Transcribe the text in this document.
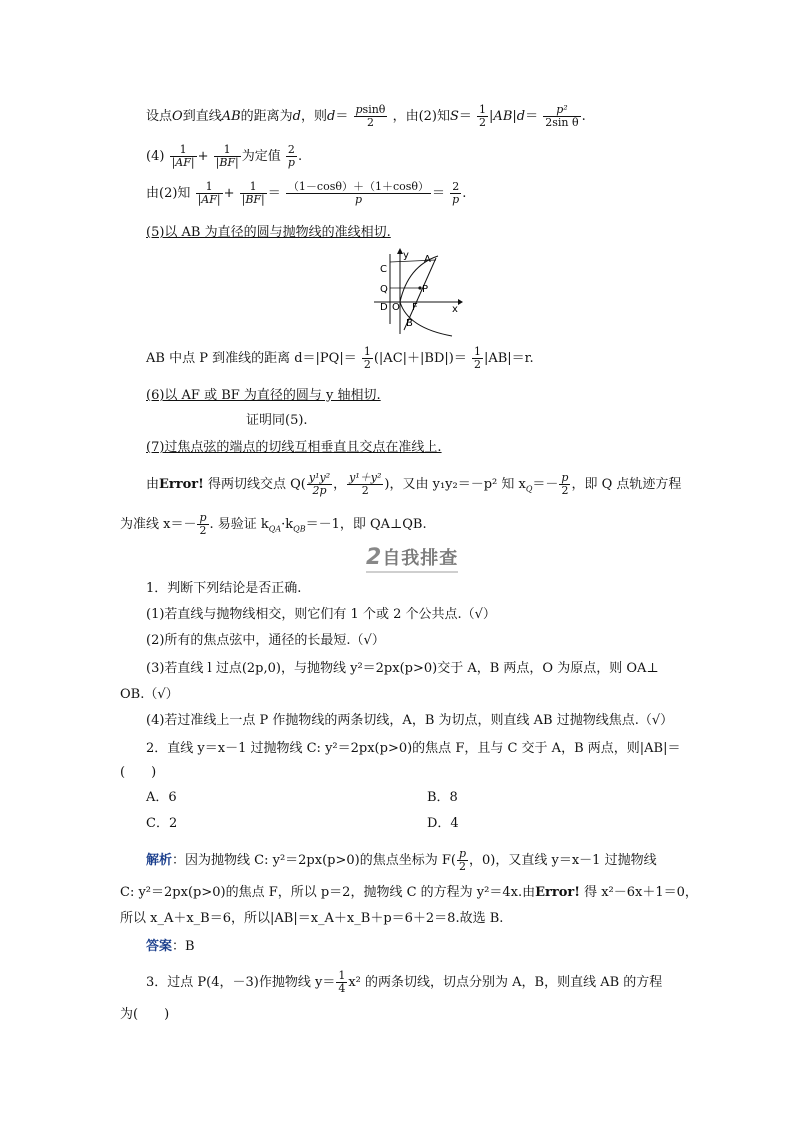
设点O到直线AB的距离为d，则$d= \frac{psin\theta}{2}$ ，由(2)知$S= \frac{1}{2} |AB|d= \frac{\text{p²}}{\text{2sin θ}}$ .
$(4) \frac{1}{|AF|} + \frac{1}{|BF|}$ 为定值 $\frac{2}{p}$ .
由(2)知 $\frac{1}{|AF|} + \frac{1}{|BF|} = \frac{(1-\cos\theta)+(1+\cos\theta)}{p} = \frac{2}{p}$ .
(5)以 AB 为直径的圆与抛物线的准线相切.
C
Q
D O F
A
P
B
x
y
AB 中点 P 到准线的距离 $d=|PQ|= \frac{1}{2} (|AC|+|BD|)= \frac{1}{2} |AB|=r$.
(6)以 AF 或 BF 为直径的圆与 y 轴相切.
证明同(5).
(7)过焦点弦的端点的切线互相垂直且交点在准线上.
由Error! 得两切线交点 $Q( \frac{\text{y¹y²}}{2p}$ ， $\frac{\text{y¹＋y²}}{2}$ )，又由 y₁y₂＝－p² 知 $x_Q=- \frac{p}{2}$ ，即 Q 点轨迹方程
为准线 $x=- \frac{p}{2}$ . 易验证 $k_{QA}\cdot k_{QB}=-1$，即 QA⊥QB.
2自我排查
1．判断下列结论是否正确.
(1)若直线与抛物线相交，则它们有 1 个或 2 个公共点.（√）
(2)所有的焦点弦中，通径的长最短.（√）
(3)若直线 l 过点(2p,0)，与抛物线 y²＝2px(p>0)交于 A，B 两点，O 为原点，则 OA⊥
OB.（√）
(4)若过准线上一点 P 作抛物线的两条切线，A，B 为切点，则直线 AB 过抛物线焦点.（√）
2．直线 y＝x－1 过抛物线 C: y²＝2px(p>0)的焦点 F，且与 C 交于 A，B 两点，则|AB|＝
(　　)
A．6	B．8
C．2	D．4
解析：因为抛物线 C: y²＝2px(p>0)的焦点坐标为 $F( \frac{p}{2}$ ，0)，又直线 y＝x－1 过抛物线
C: y²＝2px(p>0)的焦点 F，所以 p＝2，抛物线 C 的方程为 y²＝4x.由Error! 得 x²－6x＋1＝0，
所以 x_A＋x_B＝6，所以|AB|＝x_A＋x_B＋p＝6＋2＝8.故选 B.
答案：B
3．过点 P(4，－3)作抛物线 $y= \frac{1}{4} x^2$ 的两条切线，切点分别为 A，B，则直线 AB 的方程
为(　　)
